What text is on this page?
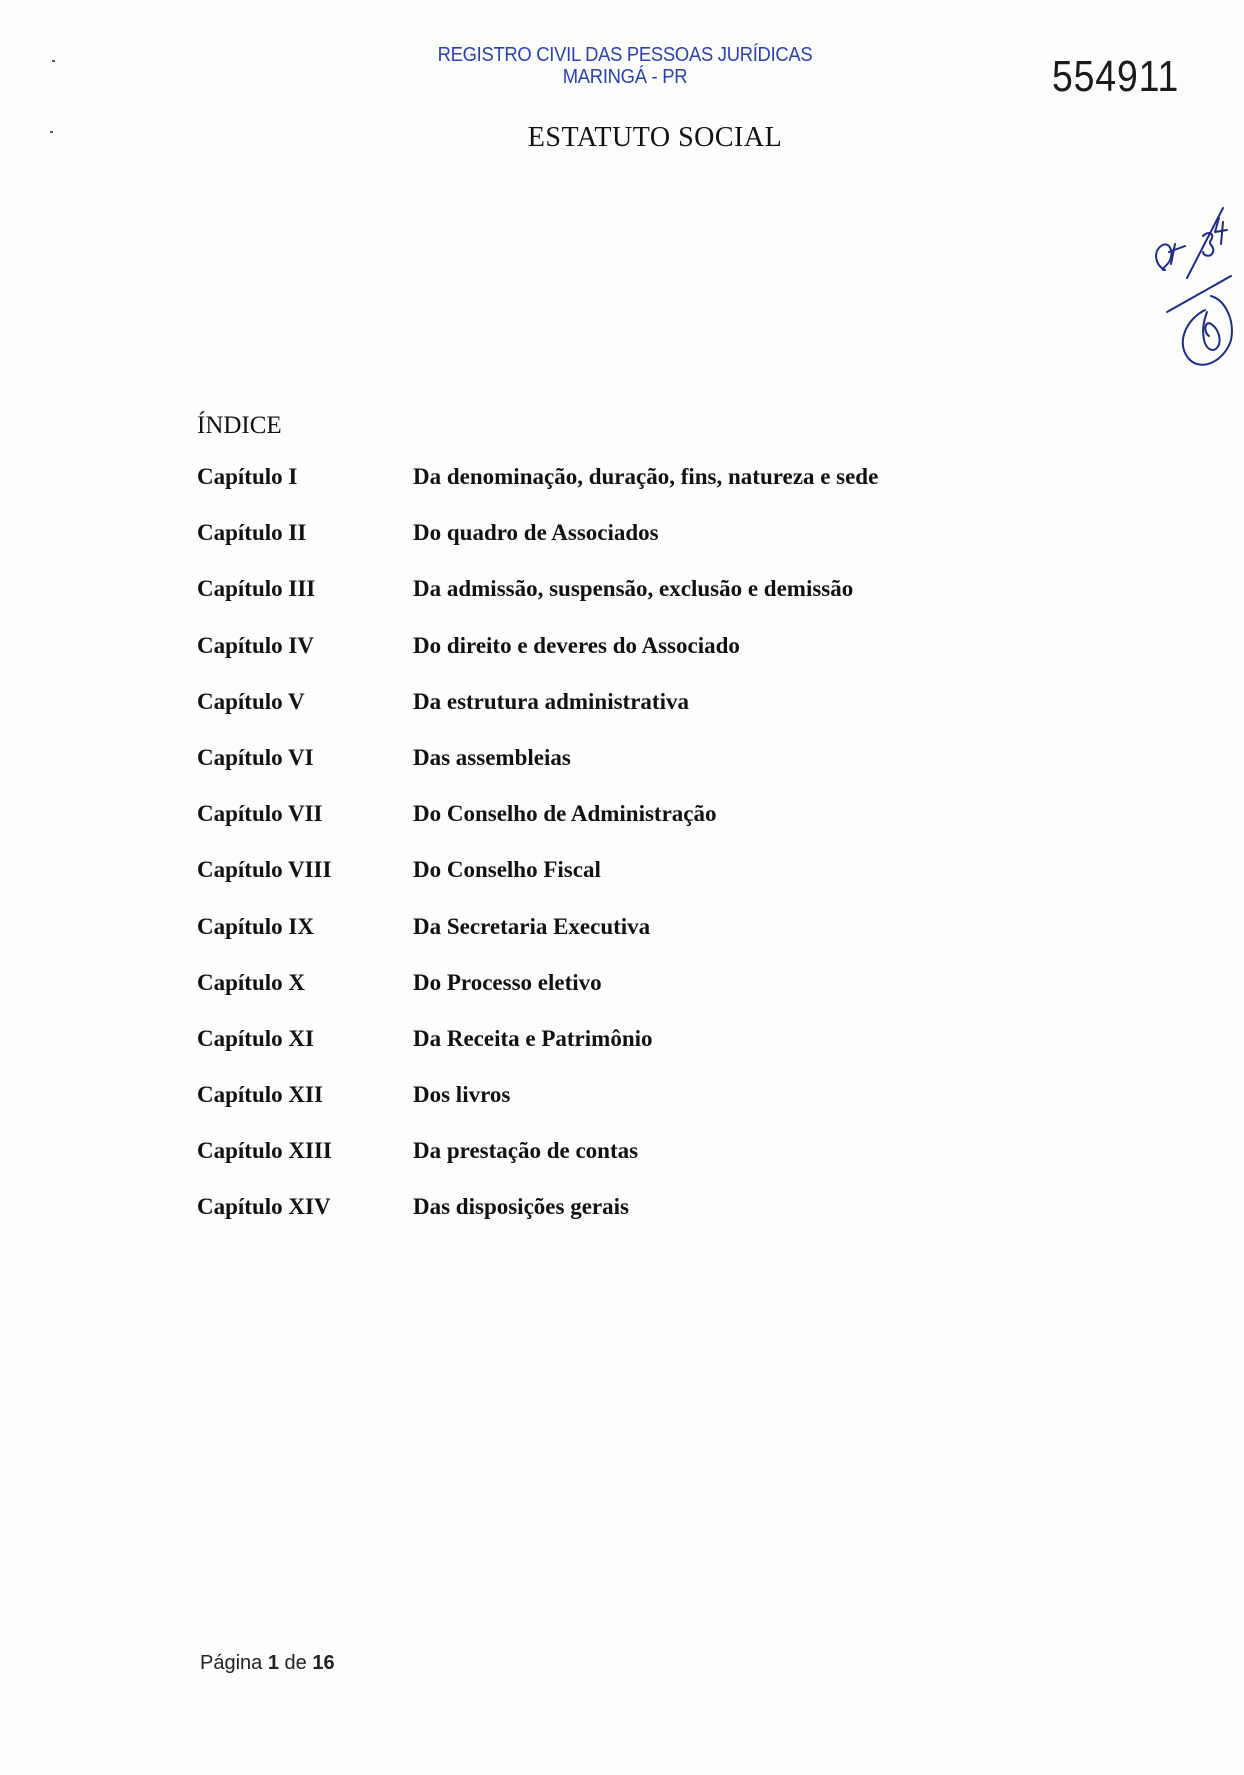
REGISTRO CIVIL DAS PESSOAS JURÍDICAS
MARINGÁ - PR	554911
ESTATUTO SOCIAL
ÍNDICE
Capítulo I	Da denominação, duração, fins, natureza e sede
Capítulo II	Do quadro de Associados
Capítulo III	Da admissão, suspensão, exclusão e demissão
Capítulo IV	Do direito e deveres do Associado
Capítulo V	Da estrutura administrativa
Capítulo VI	Das assembleias
Capítulo VII	Do Conselho de Administração
Capítulo VIII	Do Conselho Fiscal
Capítulo IX	Da Secretaria Executiva
Capítulo X	Do Processo eletivo
Capítulo XI	Da Receita e Patrimônio
Capítulo XII	Dos livros
Capítulo XIII	Da prestação de contas
Capítulo XIV	Das disposições gerais
Página 1 de 16
